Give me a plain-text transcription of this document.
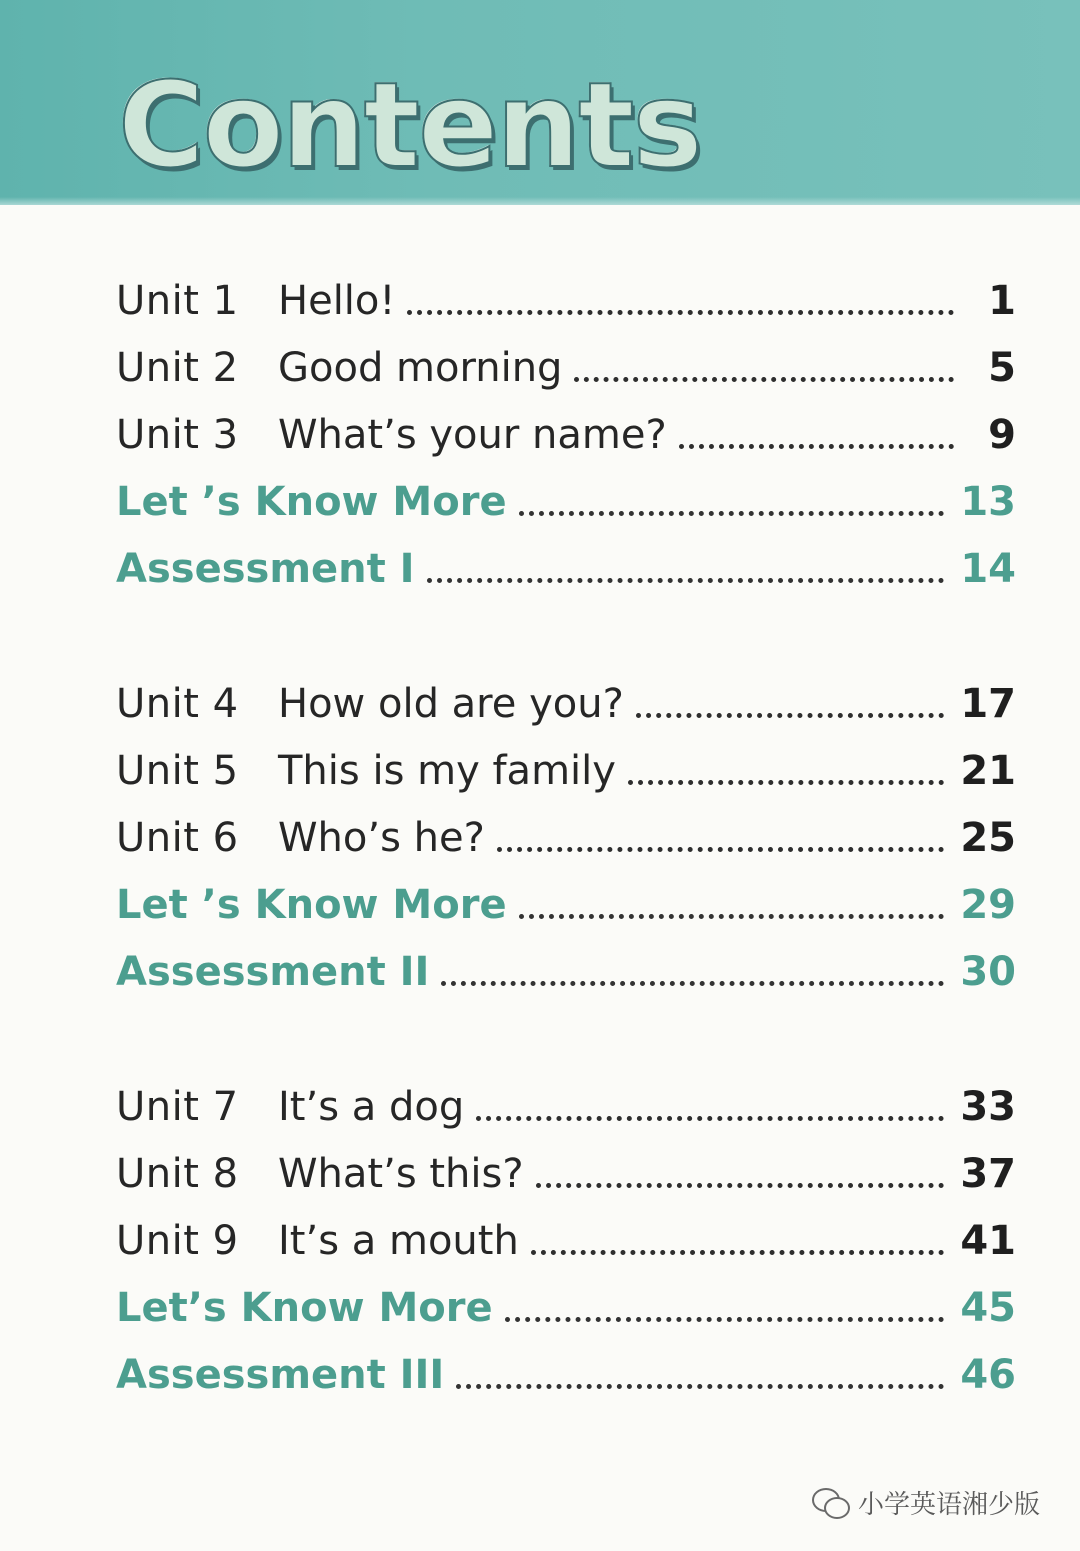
Contents
Unit 1 Hello!	1
Unit 2 Good morning	5
Unit 3 What’s your name?	9
Let ’s Know More	13
Assessment I	14
Unit 4 How old are you?	17
Unit 5 This is my family	21
Unit 6 Who’s he?	25
Let ’s Know More	29
Assessment II	30
Unit 7 It’s a dog	33
Unit 8 What’s this?	37
Unit 9 It’s a mouth	41
Let’s Know More	45
Assessment III	46
小学英语湘少版
